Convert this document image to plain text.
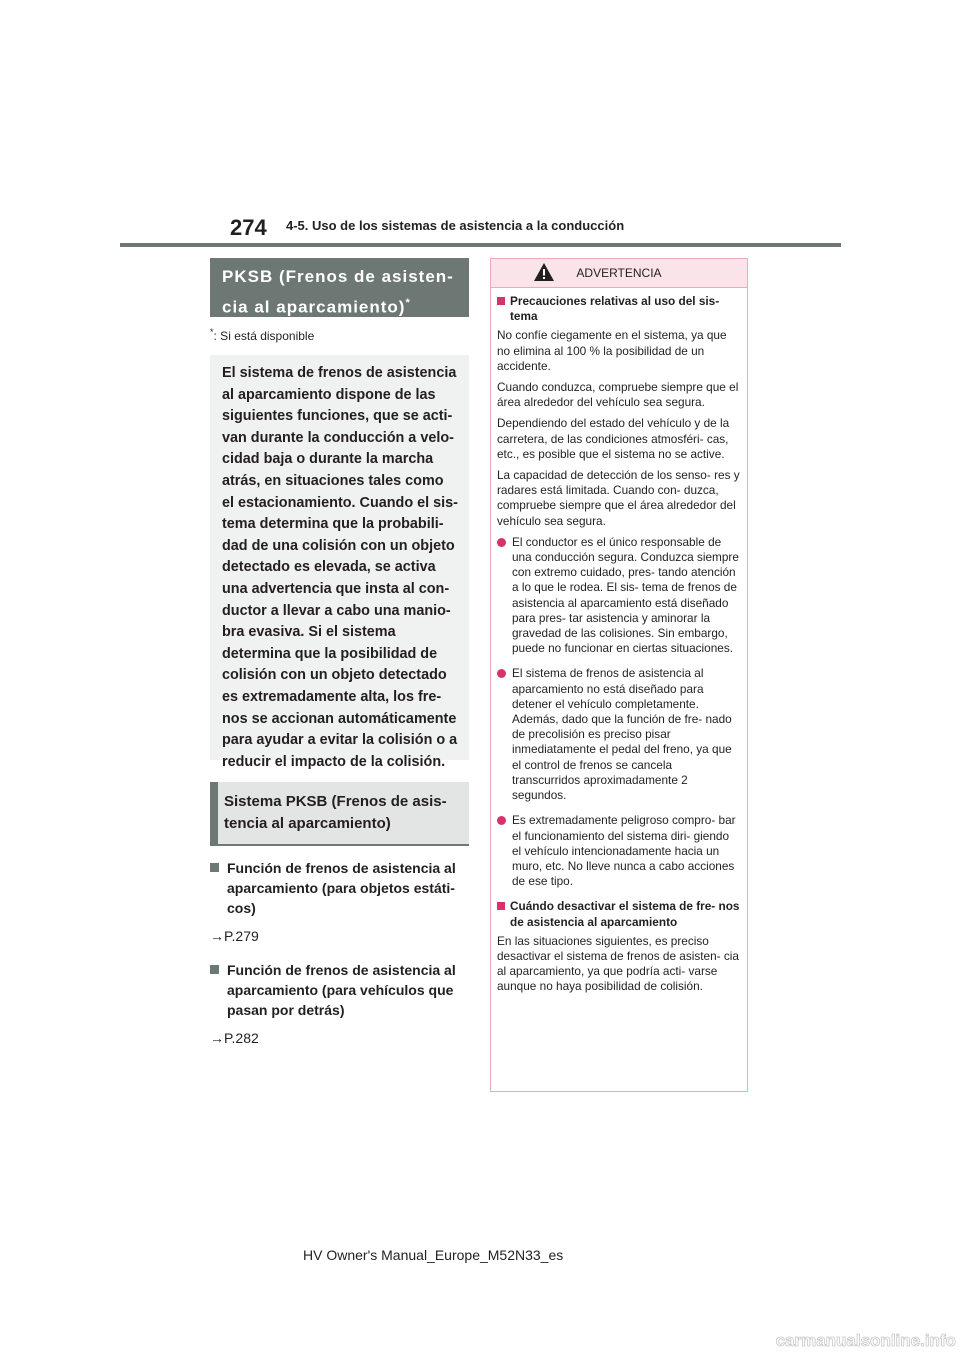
274 4-5. Uso de los sistemas de asistencia a la conducción
PKSB (Frenos de asisten- cia al aparcamiento)*
*: Si está disponible
El sistema de frenos de asistencia al aparcamiento dispone de las siguientes funciones, que se acti- van durante la conducción a velo- cidad baja o durante la marcha atrás, en situaciones tales como el estacionamiento. Cuando el sis- tema determina que la probabili- dad de una colisión con un objeto detectado es elevada, se activa una advertencia que insta al con- ductor a llevar a cabo una manio- bra evasiva. Si el sistema determina que la posibilidad de colisión con un objeto detectado es extremadamente alta, los fre- nos se accionan automáticamente para ayudar a evitar la colisión o a reducir el impacto de la colisión.
Sistema PKSB (Frenos de asis- tencia al aparcamiento)
Función de frenos de asistencia al aparcamiento (para objetos estáti- cos)
→P.279
Función de frenos de asistencia al aparcamiento (para vehículos que pasan por detrás)
→P.282
ADVERTENCIA
Precauciones relativas al uso del sis- tema

No confíe ciegamente en el sistema, ya que no elimina al 100 % la posibilidad de un accidente.

Cuando conduzca, compruebe siempre que el área alrededor del vehículo sea segura.

Dependiendo del estado del vehículo y de la carretera, de las condiciones atmosféri- cas, etc., es posible que el sistema no se active.

La capacidad de detección de los senso- res y radares está limitada. Cuando con- duzca, compruebe siempre que el área alrededor del vehículo sea segura.

El conductor es el único responsable de una conducción segura. Conduzca siempre con extremo cuidado, pres- tando atención a lo que le rodea. El sis- tema de frenos de asistencia al aparcamiento está diseñado para pres- tar asistencia y aminorar la gravedad de las colisiones. Sin embargo, puede no funcionar en ciertas situaciones.
El sistema de frenos de asistencia al aparcamiento no está diseñado para detener el vehículo completamente. Además, dado que la función de fre- nado de precolisión es preciso pisar inmediatamente el pedal del freno, ya que el control de frenos se cancela transcurridos aproximadamente 2 segundos.
Es extremadamente peligroso compro- bar el funcionamiento del sistema diri- giendo el vehículo intencionadamente hacia un muro, etc. No lleve nunca a cabo acciones de ese tipo.
Cuándo desactivar el sistema de fre- nos de asistencia al aparcamiento

En las situaciones siguientes, es preciso desactivar el sistema de frenos de asisten- cia al aparcamiento, ya que podría acti- varse aunque no haya posibilidad de colisión.

HV Owner's Manual_Europe_M52N33_es
carmanualsonline.info
